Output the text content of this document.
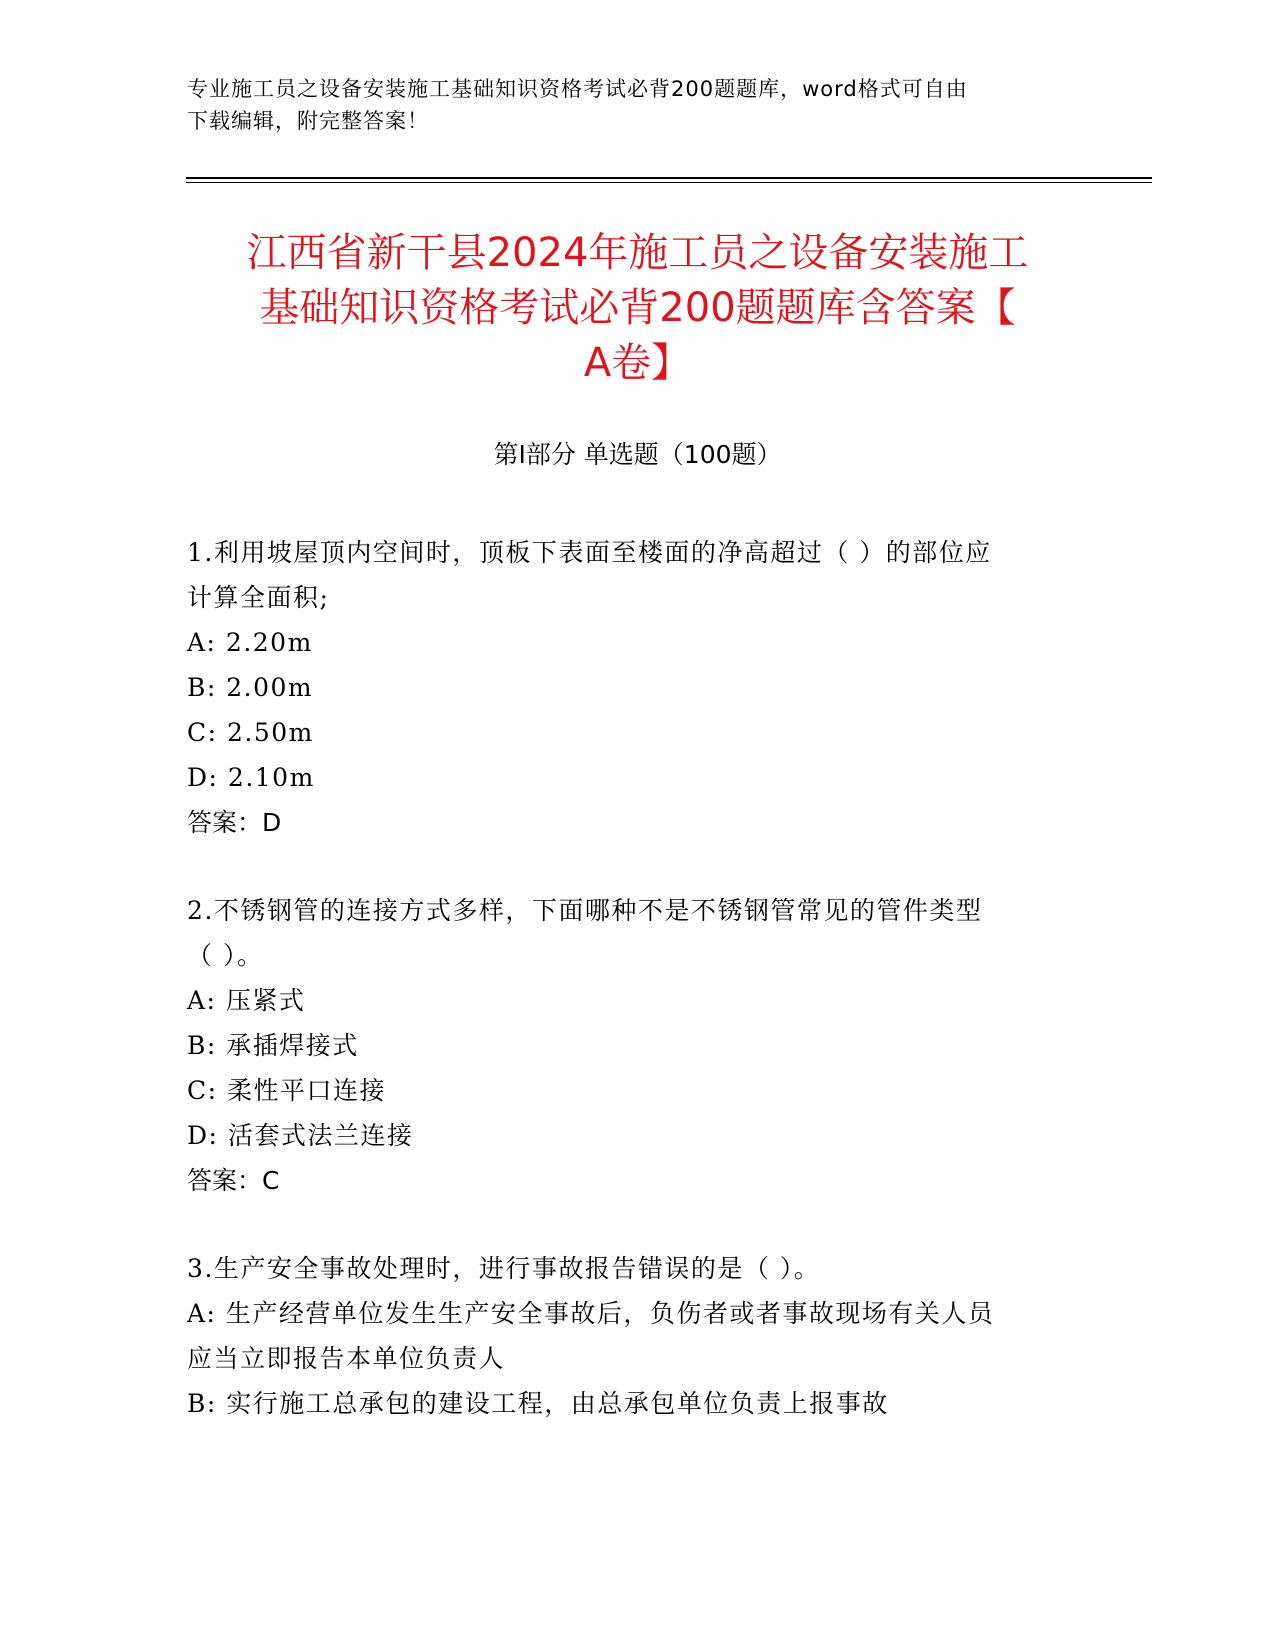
专业施工员之设备安装施工基础知识资格考试必背200题题库，word格式可自由
下载编辑，附完整答案！
江西省新干县2024年施工员之设备安装施工
基础知识资格考试必背200题题库含答案【
A卷】
第Ⅰ部分 单选题（100题）
1.利用坡屋顶内空间时，顶板下表面至楼面的净高超过（ ）的部位应
计算全面积;
A: 2.20m
B: 2.00m
C: 2.50m
D: 2.10m
答案：D
2.不锈钢管的连接方式多样，下面哪种不是不锈钢管常见的管件类型
（ ）。
A: 压紧式
B: 承插焊接式
C: 柔性平口连接
D: 活套式法兰连接
答案：C
3.生产安全事故处理时，进行事故报告错误的是（ ）。
A: 生产经营单位发生生产安全事故后，负伤者或者事故现场有关人员
应当立即报告本单位负责人
B: 实行施工总承包的建设工程，由总承包单位负责上报事故
